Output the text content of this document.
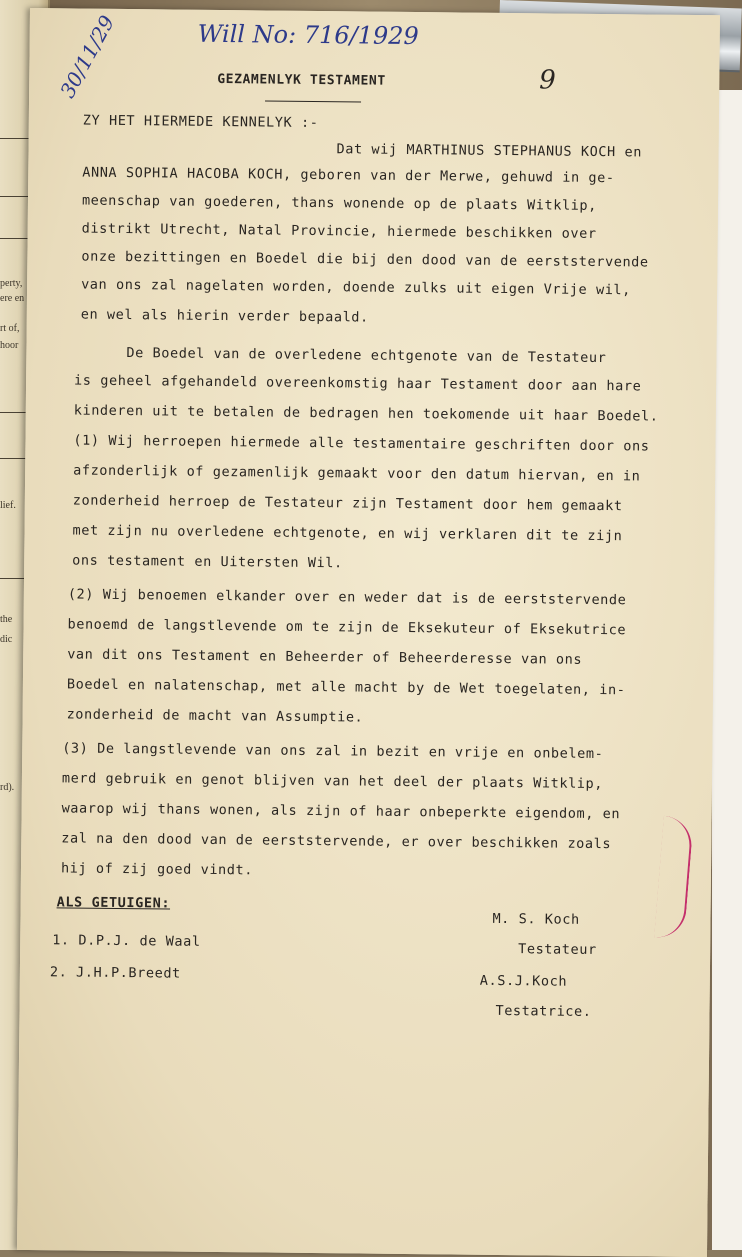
perty,
ere en
rt of,
hoor
lief.
the
dic
rd).
30/11/29	Will No: 716/1929
9
GEZAMENLYK TESTAMENT
ZY HET HIERMEDE KENNELYK :-
Dat wij MARTHINUS STEPHANUS KOCH en
ANNA SOPHIA HACOBA KOCH, geboren van der Merwe, gehuwd in ge-
meenschap van goederen, thans wonende op de plaats Witklip,
distrikt Utrecht, Natal Provincie, hiermede beschikken over
onze bezittingen en Boedel die bij den dood van de eerststervende
van ons zal nagelaten worden, doende zulks uit eigen Vrije wil,
en wel als hierin verder bepaald.
De Boedel van de overledene echtgenote van de Testateur
is geheel afgehandeld overeenkomstig haar Testament door aan hare
kinderen uit te betalen de bedragen hen toekomende uit haar Boedel.
(1) Wij herroepen hiermede alle testamentaire geschriften door ons
afzonderlijk of gezamenlijk gemaakt voor den datum hiervan, en in
zonderheid herroep de Testateur zijn Testament door hem gemaakt
met zijn nu overledene echtgenote, en wij verklaren dit te zijn
ons testament en Uitersten Wil.
(2) Wij benoemen elkander over en weder dat is de eerststervende
benoemd de langstlevende om te zijn de Eksekuteur of Eksekutrice
van dit ons Testament en Beheerder of Beheerderesse van ons
Boedel en nalatenschap, met alle macht by de Wet toegelaten, in-
zonderheid de macht van Assumptie.
(3) De langstlevende van ons zal in bezit en vrije en onbelem-
merd gebruik en genot blijven van het deel der plaats Witklip,
waarop wij thans wonen, als zijn of haar onbeperkte eigendom, en
zal na den dood van de eerststervende, er over beschikken zoals
hij of zij goed vindt.
ALS GETUIGEN:
1. D.P.J. de Waal
2. J.H.P.Breedt
M. S. Koch
Testateur
A.S.J.Koch
Testatrice.
